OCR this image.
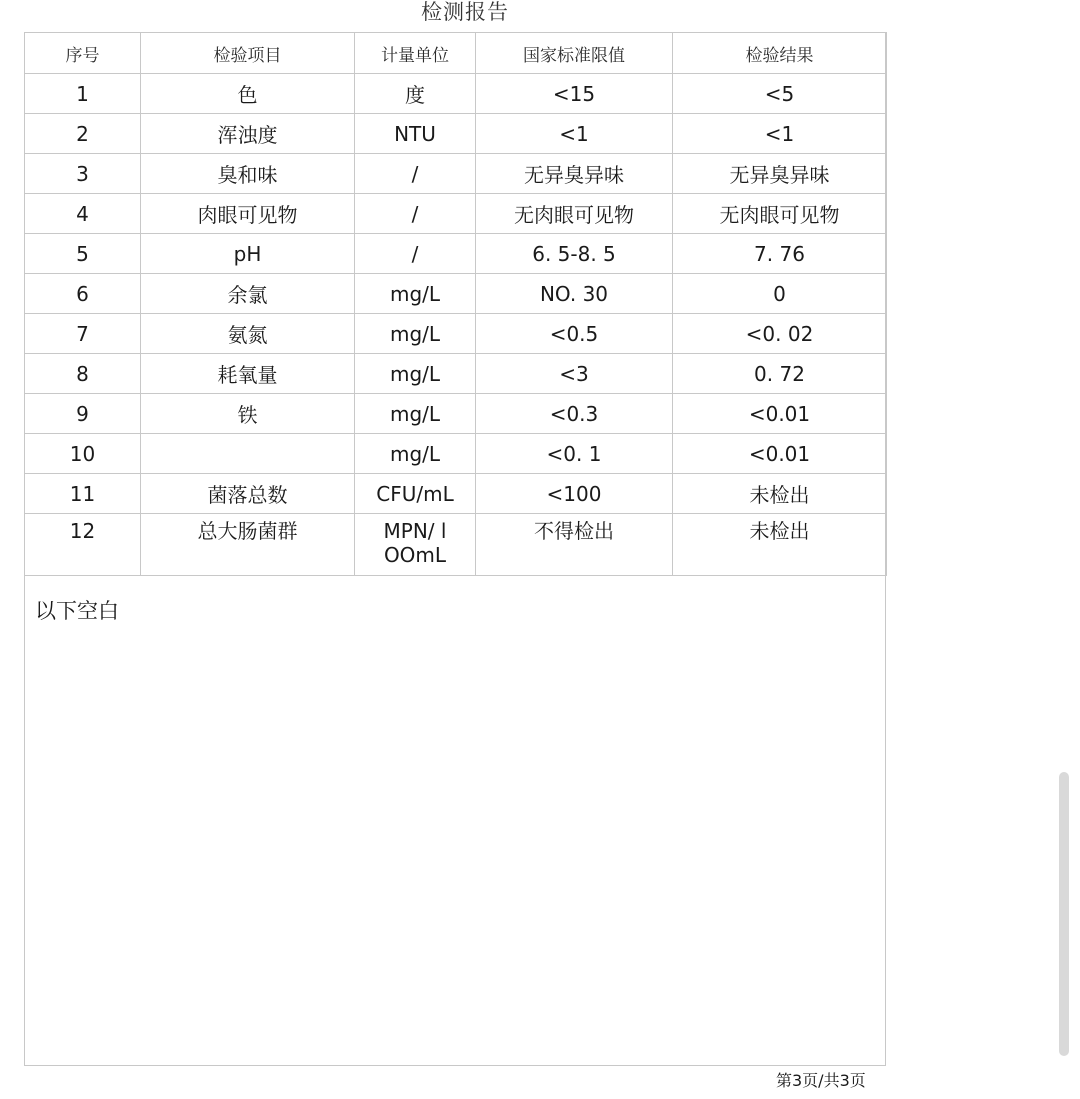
检测报告
序号	检验项目	计量单位	国家标准限值	检验结果
1	色	度	<15	<5
2	浑浊度	NTU	<1	<1
3	臭和味	/	无异臭异味	无异臭异味
4	肉眼可见物	/	无肉眼可见物	无肉眼可见物
5	pH	/	6. 5-8. 5	7. 76
6	余氯	mg/L	NO. 30	0
7	氨氮	mg/L	<0.5	<0. 02
8	耗氧量	mg/L	<3	0. 72
9	铁	mg/L	<0.3	<0.01
10		mg/L	<0. 1	<0.01
11	菌落总数	CFU/mL	<100	未检出
12	总大肠菌群	MPN/ lOOmL	不得检出	未检出
以下空白
第3页/共3页
